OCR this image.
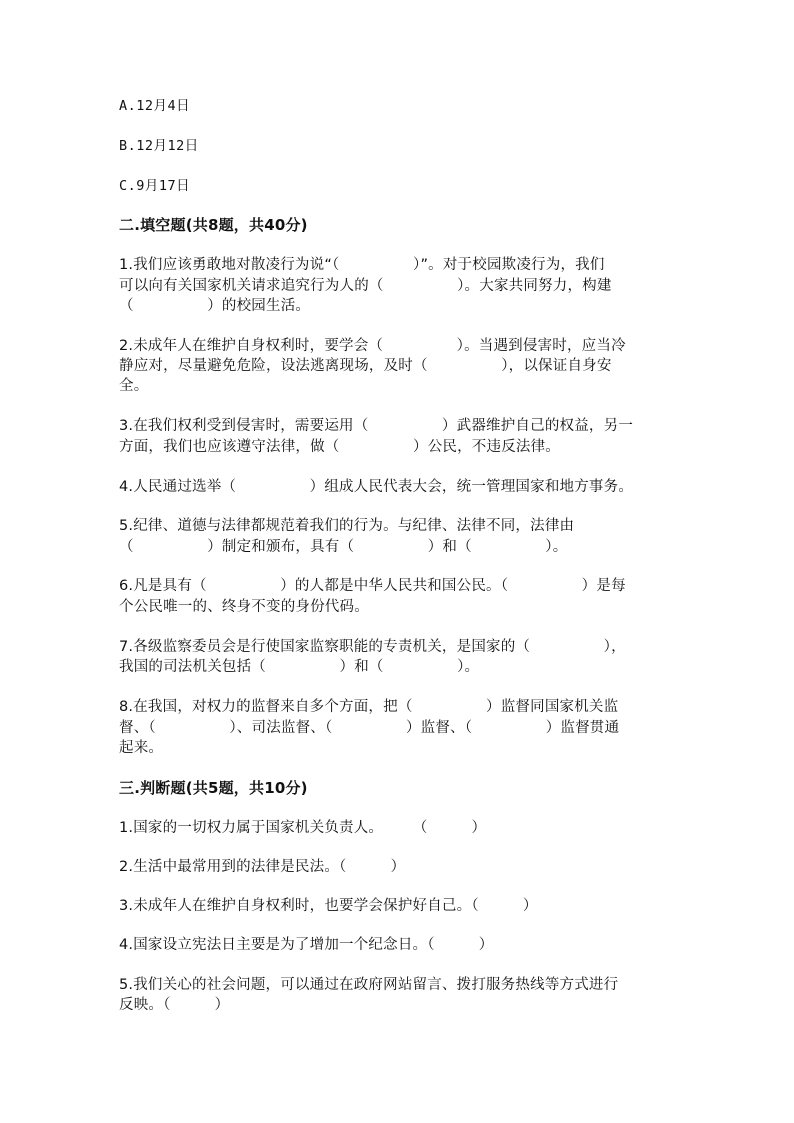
A.12月4日
B.12月12日
C.9月17日
二.填空题(共8题，共40分)
1.我们应该勇敢地对散凌行为说“（　　　　　）”。对于校园欺凌行为，我们
可以向有关国家机关请求追究行为人的（　　　　　）。大家共同努力，构建
（　　　　　）的校园生活。
2.未成年人在维护自身权利时，要学会（　　　　　）。当遇到侵害时，应当冷
静应对，尽量避免危险，设法逃离现场，及时（　　　　　），以保证自身安
全。
3.在我们权利受到侵害时，需要运用（　　　　　）武器维护自己的权益，另一
方面，我们也应该遵守法律，做（　　　　　）公民，不违反法律。
4.人民通过选举（　　　　　）组成人民代表大会，统一管理国家和地方事务。
5.纪律、道德与法律都规范着我们的行为。与纪律、法律不同，法律由
（　　　　　）制定和颁布，具有（　　　　　）和（　　　　　）。
6.凡是具有（　　　　　）的人都是中华人民共和国公民。（　　　　　）是每
个公民唯一的、终身不变的身份代码。
7.各级监察委员会是行使国家监察职能的专责机关，是国家的（　　　　　），
我国的司法机关包括（　　　　　）和（　　　　　）。
8.在我国，对权力的监督来自多个方面，把（　　　　　）监督同国家机关监
督、（　　　　　）、司法监督、（　　　　　）监督、（　　　　　）监督贯通
起来。
三.判断题(共5题，共10分)
1.国家的一切权力属于国家机关负责人。　　　（　　　）
2.生活中最常用到的法律是民法。（　　　）
3.未成年人在维护自身权利时，也要学会保护好自己。（　　　）
4.国家设立宪法日主要是为了增加一个纪念日。（　　　）
5.我们关心的社会问题，可以通过在政府网站留言、拨打服务热线等方式进行
反映。（　　　）
